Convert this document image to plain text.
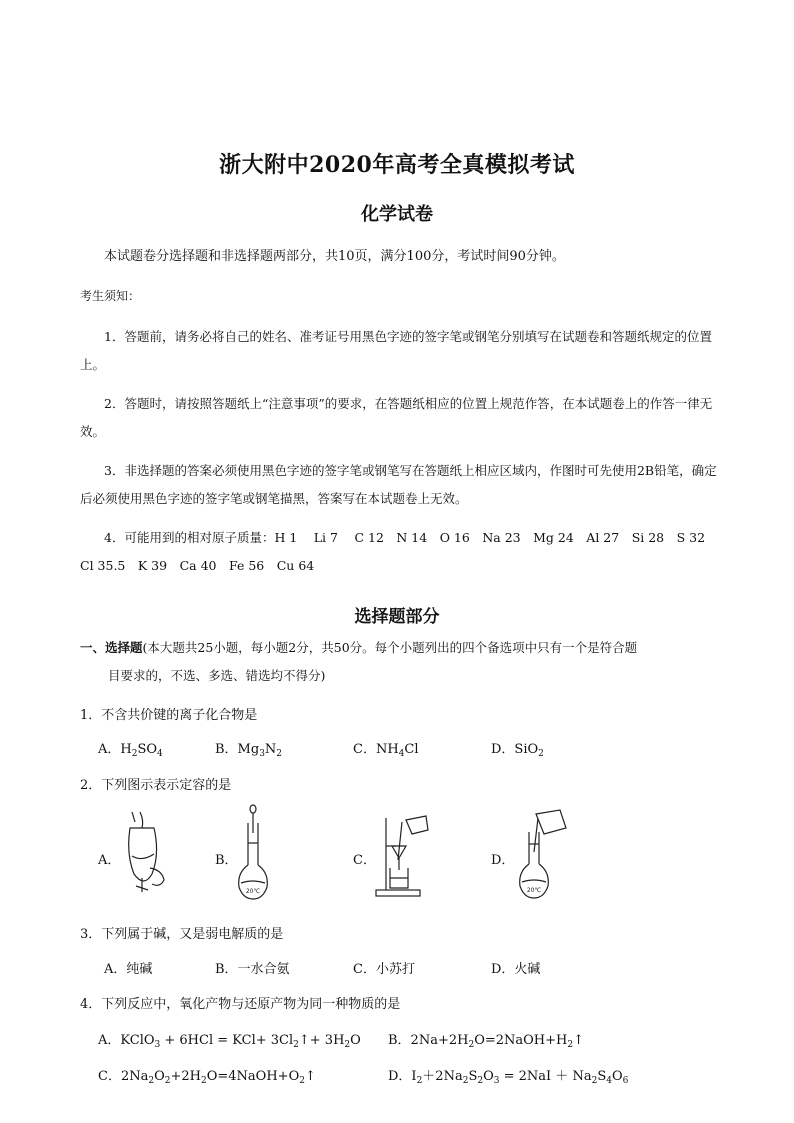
浙大附中2020年高考全真模拟考试
化学试卷
本试题卷分选择题和非选择题两部分，共10页，满分100分，考试时间90分钟。
考生须知：
1．答题前，请务必将自己的姓名、准考证号用黑色字迹的签字笔或钢笔分别填写在试题卷和答题纸规定的位置上。
2．答题时，请按照答题纸上“注意事项”的要求，在答题纸相应的位置上规范作答，在本试题卷上的作答一律无效。
3．非选择题的答案必须使用黑色字迹的签字笔或钢笔写在答题纸上相应区域内，作图时可先使用2B铅笔，确定后必须使用黑色字迹的签字笔或钢笔描黑，答案写在本试题卷上无效。
4．可能用到的相对原子质量：H 1　 Li 7　 C 12　N 14　O 16　Na 23　Mg 24　Al 27　Si 28　S 32　Cl 35.5　K 39　Ca 40　Fe 56　Cu 64
选择题部分
一、选择题(本大题共25小题，每小题2分，共50分。每个小题列出的四个备选项中只有一个是符合题
目要求的，不选、多选、错选均不得分)
1．不含共价键的离子化合物是
A．$H_2SO_4$	B．$Mg_3N_2$	C．$NH_4Cl$	D．SiO$_2$
2．下列图示表示定容的是
A．	B．	C．	D．
20℃	20℃
3．下列属于碱，又是弱电解质的是
A．纯碱	B．一水合氨	C．小苏打	D．火碱
4．下列反应中，氧化产物与还原产物为同一种物质的是
A．KClO$_3$ + $6HCl = KCl+ 3Cl_2↑+ 3H_2O$ B．$2Na+2H_2O=2NaOH+H_2↑$
C．$2Na_2O_2+2H_2O=4NaOH+O_2↑$	D．$I_2+2Na_2S_2O_3 = 2NaI + Na_2S_4O_6$
